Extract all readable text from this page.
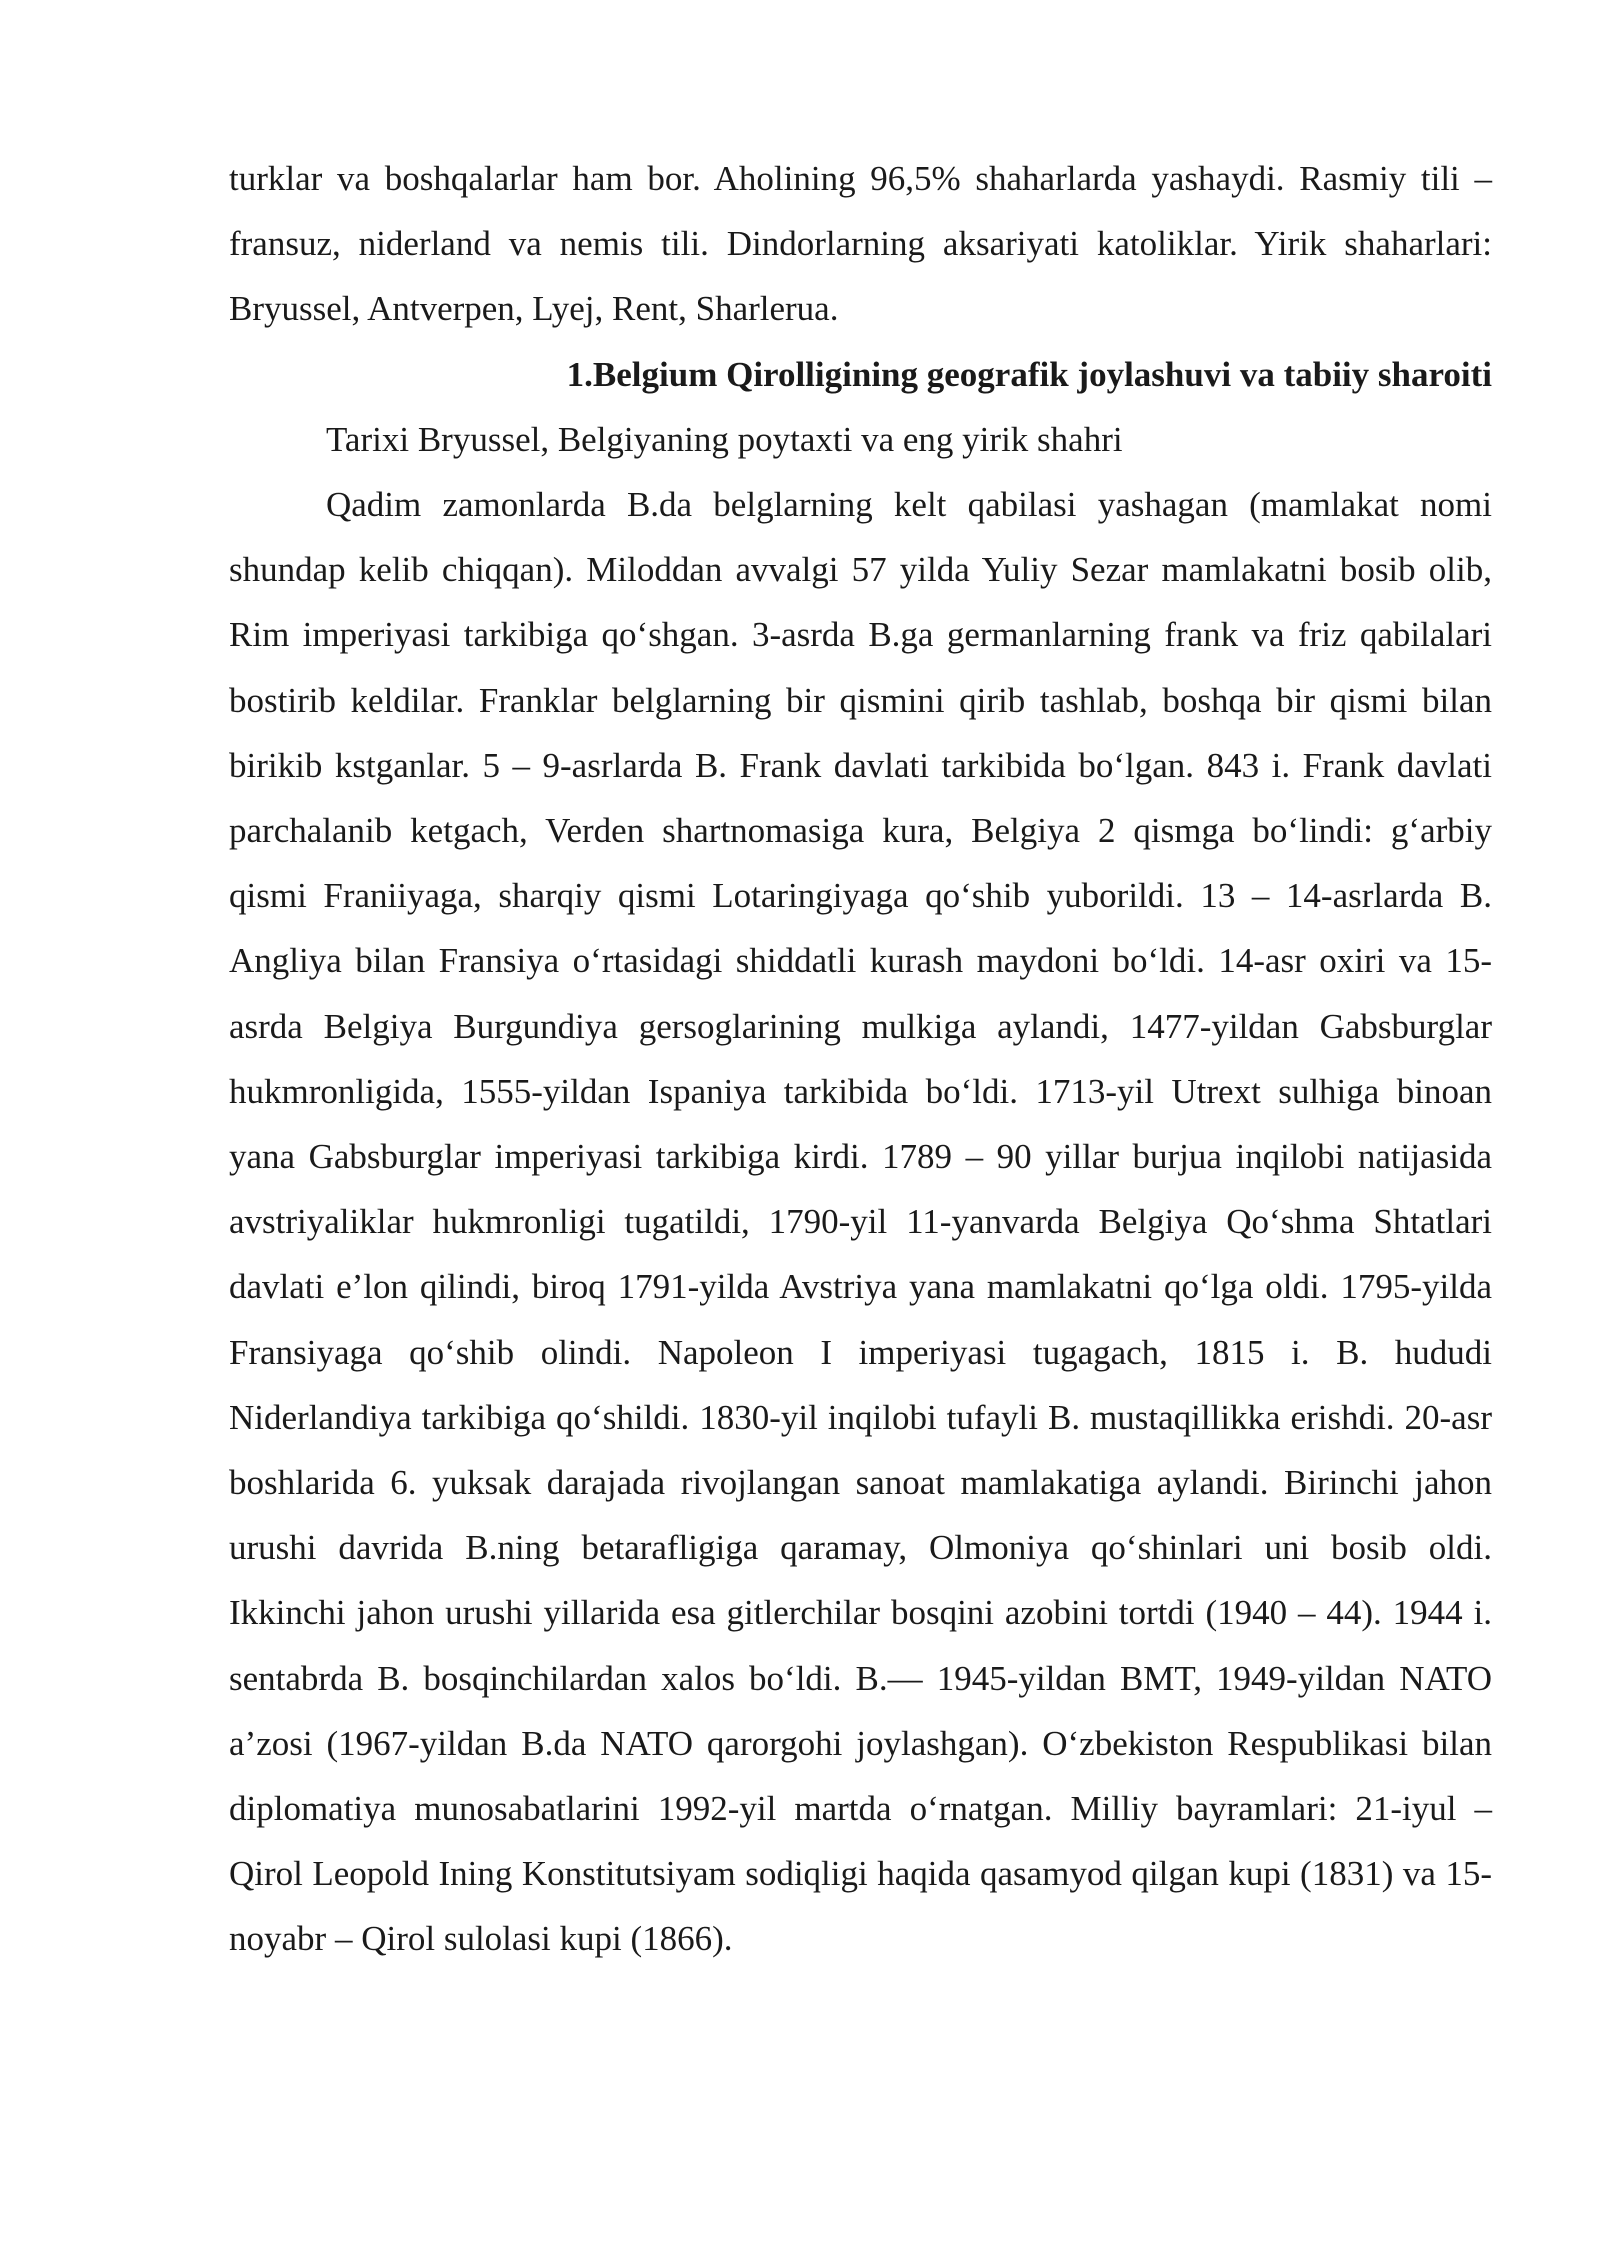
turklar va boshqalarlar ham bor. Aholining 96,5% shaharlarda yashaydi. Rasmiy tili – fransuz, niderland va nemis tili. Dindorlarning aksariyati katoliklar. Yirik shaharlari: Bryussel, Antverpen, Lyej, Rent, Sharlerua.

1.Belgium Qirolligining geografik joylashuvi va tabiiy sharoiti

Tarixi Bryussel, Belgiyaning poytaxti va eng yirik shahri

Qadim zamonlarda B.da belglarning kelt qabilasi yashagan (mamlakat nomi shundap kelib chiqqan). Miloddan avvalgi 57 yilda Yuliy Sezar mamlakatni bosib olib, Rim imperiyasi tarkibiga qo‘shgan. 3-asrda B.ga germanlarning frank va friz qabilalari bostirib keldilar. Franklar belglarning bir qismini qirib tashlab, boshqa bir qismi bilan birikib kstganlar. 5 – 9-asrlarda B. Frank davlati tarkibida bo‘lgan. 843 i. Frank davlati parchalanib ketgach, Verden shartnomasiga kura, Belgiya 2 qismga bo‘lindi: g‘arbiy qismi Franiiyaga, sharqiy qismi Lotaringiyaga qo‘shib yuborildi. 13 – 14-asrlarda B. Angliya bilan Fransiya o‘rtasidagi shiddatli kurash maydoni bo‘ldi. 14-asr oxiri va 15-asrda Belgiya Burgundiya gersoglarining mulkiga aylandi, 1477-yildan Gabsburglar hukmronligida, 1555-yildan Ispaniya tarkibida bo‘ldi. 1713-yil Utrext sulhiga binoan yana Gabsburglar imperiyasi tarkibiga kirdi. 1789 – 90 yillar burjua inqilobi natijasida avstriyaliklar hukmronligi tugatildi, 1790-yil 11-yanvarda Belgiya Qo‘shma Shtatlari davlati e’lon qilindi, biroq 1791-yilda Avstriya yana mamlakatni qo‘lga oldi. 1795-yilda Fransiyaga qo‘shib olindi. Napoleon I imperiyasi tugagach, 1815 i. B. hududi Niderlandiya tarkibiga qo‘shildi. 1830-yil inqilobi tufayli B. mustaqillikka erishdi. 20-asr boshlarida 6. yuksak darajada rivojlangan sanoat mamlakatiga aylandi. Birinchi jahon urushi davrida B.ning betarafligiga qaramay, Olmoniya qo‘shinlari uni bosib oldi. Ikkinchi jahon urushi yillarida esa gitlerchilar bosqini azobini tortdi (1940 – 44). 1944 i. sentabrda B. bosqinchilardan xalos bo‘ldi. B.— 1945-yildan BMT, 1949-yildan NATO a’zosi (1967-yildan B.da NATO qarorgohi joylashgan). O‘zbekiston Respublikasi bilan diplomatiya munosabatlarini 1992-yil martda o‘rnatgan. Milliy bayramlari: 21-iyul – Qirol Leopold Ining Konstitutsiyam sodiqligi haqida qasamyod qilgan kupi (1831) va 15-noyabr – Qirol sulolasi kupi (1866).
